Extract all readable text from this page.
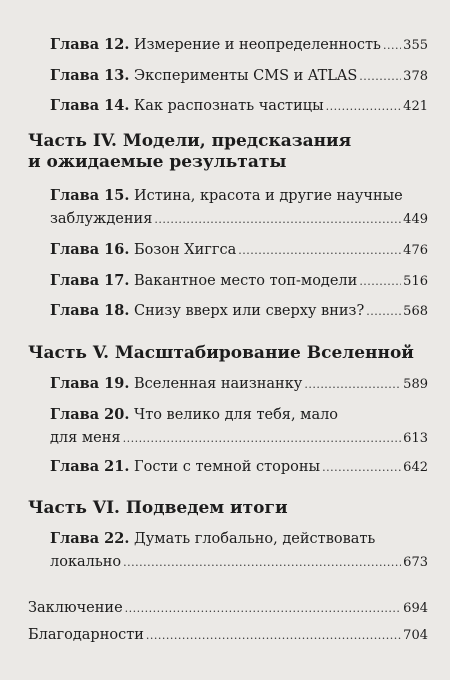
Глава 12. Измерение и неопределенность ..... 355
Глава 13. Эксперименты CMS и ATLAS .....	378
Глава 14. Как распознать частицы .....	421
Часть IV. Модели, предсказания
и ожидаемые результаты
Глава 15. Истина, красота и другие научные
заблуждения .....	449
Глава 16. Бозон Хиггса .....	476
Глава 17. Вакантное место топ-модели .....	516
Глава 18. Снизу вверх или сверху вниз? .....	568
Часть V. Масштабирование Вселенной
Глава 19. Вселенная наизнанку .....	589
Глава 20. Что велико для тебя, мало
для меня .....	613
Глава 21. Гости с темной стороны .....	642
Часть VI. Подведем итоги
Глава 22. Думать глобально, действовать
локально .....	673
Заключение .....	694
Благодарности .....	704
